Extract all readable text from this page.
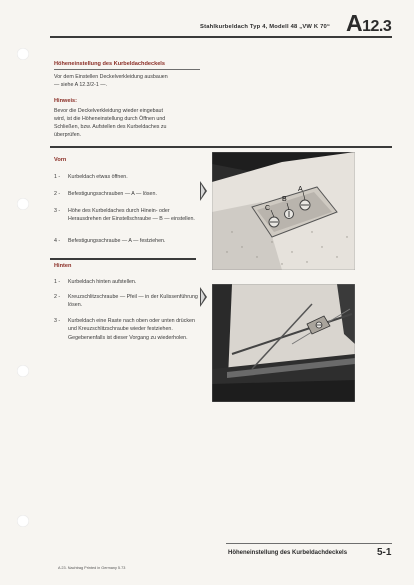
Stahlkurbeldach Typ 4, Modell 48 „VW K 70“ A12.3
Höheneinstellung des Kurbeldachdeckels
Vor dem Einstellen Deckelverkleidung ausbauen
— siehe A 12.3/2-1 —.
Hinweis:
Bevor die Deckelverkleidung wieder eingebaut
wird, ist die Höheneinstellung durch Öffnen und
Schließen, bzw. Aufstellen des Kurbeldaches zu
überprüfen.
Vorn
1 -	Kurbeldach etwas öffnen.
2 -	Befestigungsschrauben — A — lösen.
3 -	Höhe des Kurbeldaches durch Hinein- oder Herausdrehen der Einstellschraube — B — einstellen.
4 -	Befestigungsschraube — A — festziehen.
C
B
A
Hinten
1 -	Kurbeldach hinten aufstellen.
2 -	Kreuzschlitzschraube — Pfeil — in der Kulissenführung lösen.
3 -	Kurbeldach eine Raste nach oben oder unten drücken und Kreuzschlitzschraube wieder festziehen. Gegebenenfalls ist dieser Vorgang zu wiederholen.
Höheneinstellung des Kurbeldachdeckels	5-1
A 23. Nachtrag Printed in Germany 5.73
